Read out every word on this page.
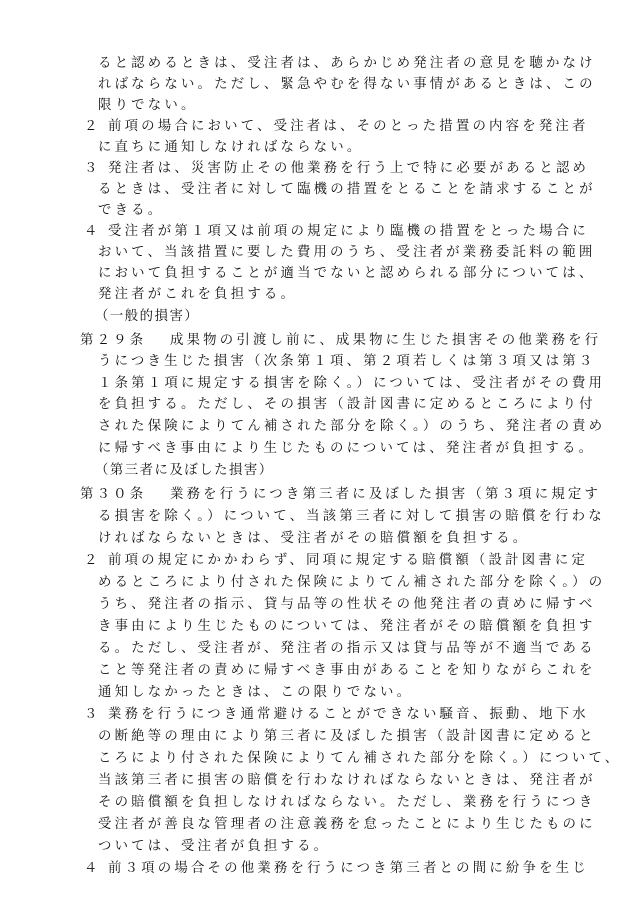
ると認めるときは、受注者は、あらかじめ発注者の意見を聴かなけ
ればならない。ただし、緊急やむを得ない事情があるときは、この
限りでない。
２ 前項の場合において、受注者は、そのとった措置の内容を発注者
に直ちに通知しなければならない。
３ 発注者は、災害防止その他業務を行う上で特に必要があると認め
るときは、受注者に対して臨機の措置をとることを請求することが
できる。
４ 受注者が第１項又は前項の規定により臨機の措置をとった場合に
おいて、当該措置に要した費用のうち、受注者が業務委託料の範囲
において負担することが適当でないと認められる部分については、
発注者がこれを負担する。
（一般的損害）
第２９条 成果物の引渡し前に、成果物に生じた損害その他業務を行
うにつき生じた損害（次条第１項、第２項若しくは第３項又は第３
１条第１項に規定する損害を除く。）については、受注者がその費用
を負担する。ただし、その損害（設計図書に定めるところにより付
された保険によりてん補された部分を除く。）のうち、発注者の責め
に帰すべき事由により生じたものについては、発注者が負担する。
（第三者に及ぼした損害）
第３０条 業務を行うにつき第三者に及ぼした損害（第３項に規定す
る損害を除く。）について、当該第三者に対して損害の賠償を行わな
ければならないときは、受注者がその賠償額を負担する。
２ 前項の規定にかかわらず、同項に規定する賠償額（設計図書に定
めるところにより付された保険によりてん補された部分を除く。）の
うち、発注者の指示、貸与品等の性状その他発注者の責めに帰すべ
き事由により生じたものについては、発注者がその賠償額を負担す
る。ただし、受注者が、発注者の指示又は貸与品等が不適当である
こと等発注者の責めに帰すべき事由があることを知りながらこれを
通知しなかったときは、この限りでない。
３ 業務を行うにつき通常避けることができない騒音、振動、地下水
の断絶等の理由により第三者に及ぼした損害（設計図書に定めると
ころにより付された保険によりてん補された部分を除く。）について、
当該第三者に損害の賠償を行わなければならないときは、発注者が
その賠償額を負担しなければならない。ただし、業務を行うにつき
受注者が善良な管理者の注意義務を怠ったことにより生じたものに
ついては、受注者が負担する。
４ 前３項の場合その他業務を行うにつき第三者との間に紛争を生じ
